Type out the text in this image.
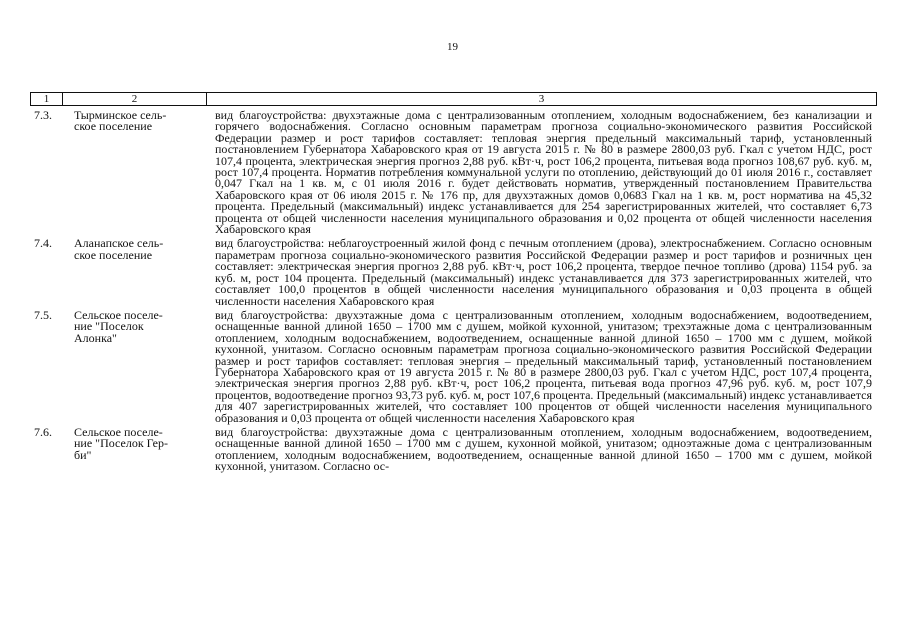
19
1	2	3
7.3.	Тырминское сель-
ское поселение
вид благоустройства: двухэтажные дома с централизованным отоплением, холодным водоснабжением, без канализации и горячего водоснабжения. Согласно основным параметрам прогноза социально-экономического развития Российской Федерации размер и рост тарифов составляет: тепловая энергия предельный максимальный тариф, установленный постановлением Губернатора Хабаровского края от 19 августа 2015 г. № 80 в размере 2800,03 руб. Гкал с учетом НДС, рост 107,4 процента, электрическая энергия прогноз 2,88 руб. кВт·ч, рост 106,2 процента, питьевая вода прогноз 108,67 руб. куб. м, рост 107,4 процента. Норматив потребления коммунальной услуги по отоплению, действующий до 01 июля 2016 г., составляет 0,047 Гкал на 1 кв. м, с 01 июля 2016 г. будет действовать норматив, утвержденный постановлением Правительства Хабаровского края от 06 июля 2015 г. № 176 пр, для двухэтажных домов 0,0683 Гкал на 1 кв. м, рост норматива на 45,32 процента. Предельный (максимальный) индекс устанавливается для 254 зарегистрированных жителей, что составляет 6,73 процента от общей численности населения муниципального образования и 0,02 процента от общей численности населения Хабаровского края
7.4.	Аланапское сель-
ское поселение
вид благоустройства: неблагоустроенный жилой фонд с печным отоплением (дрова), электроснабжением. Согласно основным параметрам прогноза социально-экономического развития Российской Федерации размер и рост тарифов и розничных цен составляет: электрическая энергия прогноз 2,88 руб. кВт·ч, рост 106,2 процента, твердое печное топливо (дрова) 1154 руб. за куб. м, рост 104 процента. Предельный (максимальный) индекс устанавливается для 373 зарегистрированных жителей, что составляет 100,0 процентов в общей численности населения муниципального образования и 0,03 процента в общей численности населения Хабаровского края
7.5.	Сельское поселе-
ние "Поселок
Алонка"
вид благоустройства: двухэтажные дома с централизованным отоплением, холодным водоснабжением, водоотведением, оснащенные ванной длиной 1650 – 1700 мм с душем, мойкой кухонной, унитазом; трехэтажные дома с централизованным отоплением, холодным водоснабжением, водоотведением, оснащенные ванной длиной 1650 – 1700 мм с душем, мойкой кухонной, унитазом. Согласно основным параметрам прогноза социально-экономического развития Российской Федерации размер и рост тарифов составляет: тепловая энергия – предельный максимальный тариф, установленный постановлением Губернатора Хабаровского края от 19 августа 2015 г. № 80 в размере 2800,03 руб. Гкал с учетом НДС, рост 107,4 процента, электрическая энергия прогноз 2,88 руб. кВт·ч, рост 106,2 процента, питьевая вода прогноз 47,96 руб. куб. м, рост 107,9 процентов, водоотведение прогноз 93,73 руб. куб. м, рост 107,6 процента. Предельный (максимальный) индекс устанавливается для 407 зарегистрированных жителей, что составляет 100 процентов от общей численности населения муниципального образования и 0,03 процента от общей численности населения Хабаровского края
7.6.	Сельское поселе-
ние "Поселок Гер-
би"
вид благоустройства: двухэтажные дома с централизованным отоплением, холодным водоснабжением, водоотведением, оснащенные ванной длиной 1650 – 1700 мм с душем, кухонной мойкой, унитазом; одноэтажные дома с централизованным отоплением, холодным водоснабжением, водоотведением, оснащенные ванной длиной 1650 – 1700 мм с душем, мойкой кухонной, унитазом. Согласно ос-
